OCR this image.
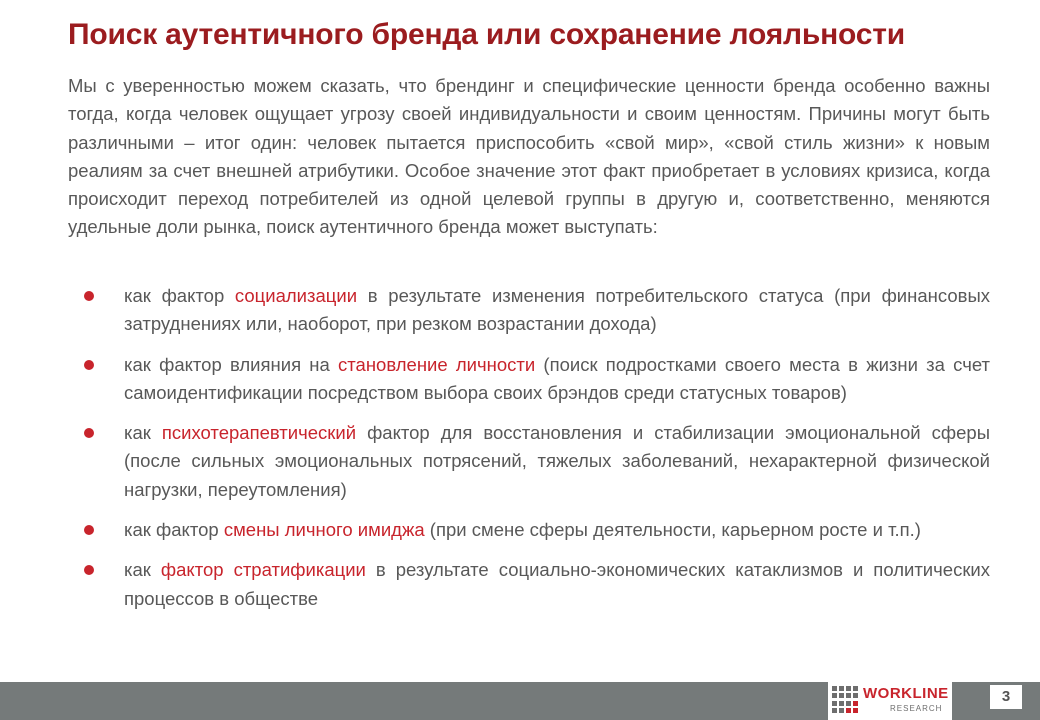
Поиск аутентичного бренда или сохранение лояльности
Мы с уверенностью можем сказать, что брендинг и специфические ценности бренда особенно важны тогда, когда человек ощущает угрозу своей индивидуальности и своим ценностям. Причины могут быть различными – итог один: человек пытается приспособить «свой мир», «свой стиль жизни» к новым реалиям за счет внешней атрибутики. Особое значение этот факт приобретает в условиях кризиса, когда происходит переход потребителей из одной целевой группы в другую и, соответственно, меняются удельные доли рынка, поиск аутентичного бренда может выступать:
как фактор социализации в результате изменения потребительского статуса (при финансовых затруднениях или, наоборот, при резком возрастании дохода)
как фактор влияния на становление личности (поиск подростками своего места в жизни за счет самоидентификации посредством выбора своих брэндов среди статусных товаров)
как психотерапевтический фактор для восстановления и стабилизации эмоциональной сферы (после сильных эмоциональных потрясений, тяжелых заболеваний, нехарактерной физической нагрузки, переутомления)
как фактор смены личного имиджа (при смене сферы деятельности, карьерном росте и т.п.)
как фактор стратификации в результате социально-экономических катаклизмов и политических процессов в обществе
WORKLINE
RESEARCH
3
